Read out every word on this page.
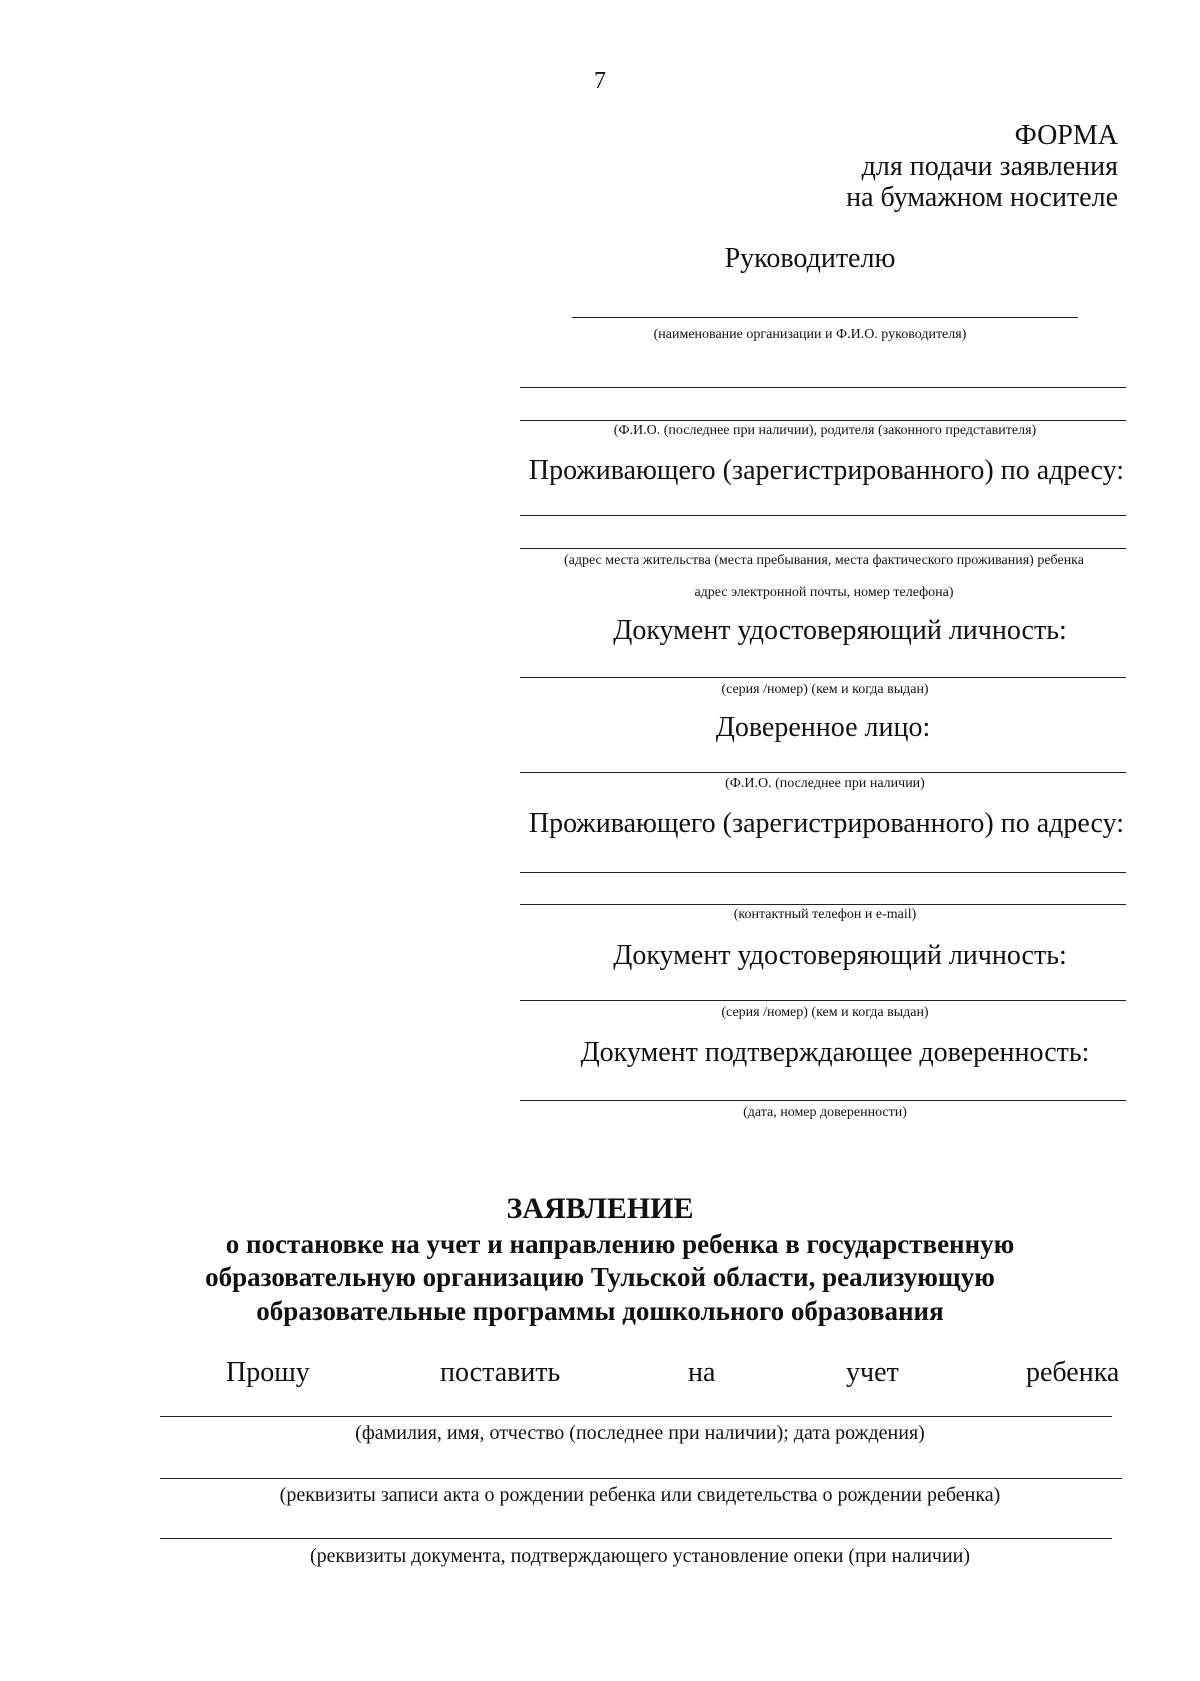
7
ФОРМА
для подачи заявления
на бумажном носителе
Руководителю
(наименование организации и Ф.И.О. руководителя)
(Ф.И.О. (последнее при наличии), родителя (законного представителя)
Проживающего (зарегистрированного) по адресу:
(адрес места жительства (места пребывания, места фактического проживания) ребенка
адрес электронной почты, номер телефона)
Документ удостоверяющий личность:
(серия /номер) (кем и когда выдан)
Доверенное лицо:
(Ф.И.О. (последнее при наличии)
Проживающего (зарегистрированного) по адресу:
(контактный телефон и e-mail)
Документ удостоверяющий личность:
(серия /номер) (кем и когда выдан)
Документ подтверждающее доверенность:
(дата, номер доверенности)
ЗАЯВЛЕНИЕ
о постановке на учет и направлению ребенка в государственную
образовательную организацию Тульской области, реализующую
образовательные программы дошкольного образования
Прошу	поставить	на	учет	ребенка
(фамилия, имя, отчество (последнее при наличии); дата рождения)
(реквизиты записи акта о рождении ребенка или свидетельства о рождении ребенка)
(реквизиты документа, подтверждающего установление опеки (при наличии)
